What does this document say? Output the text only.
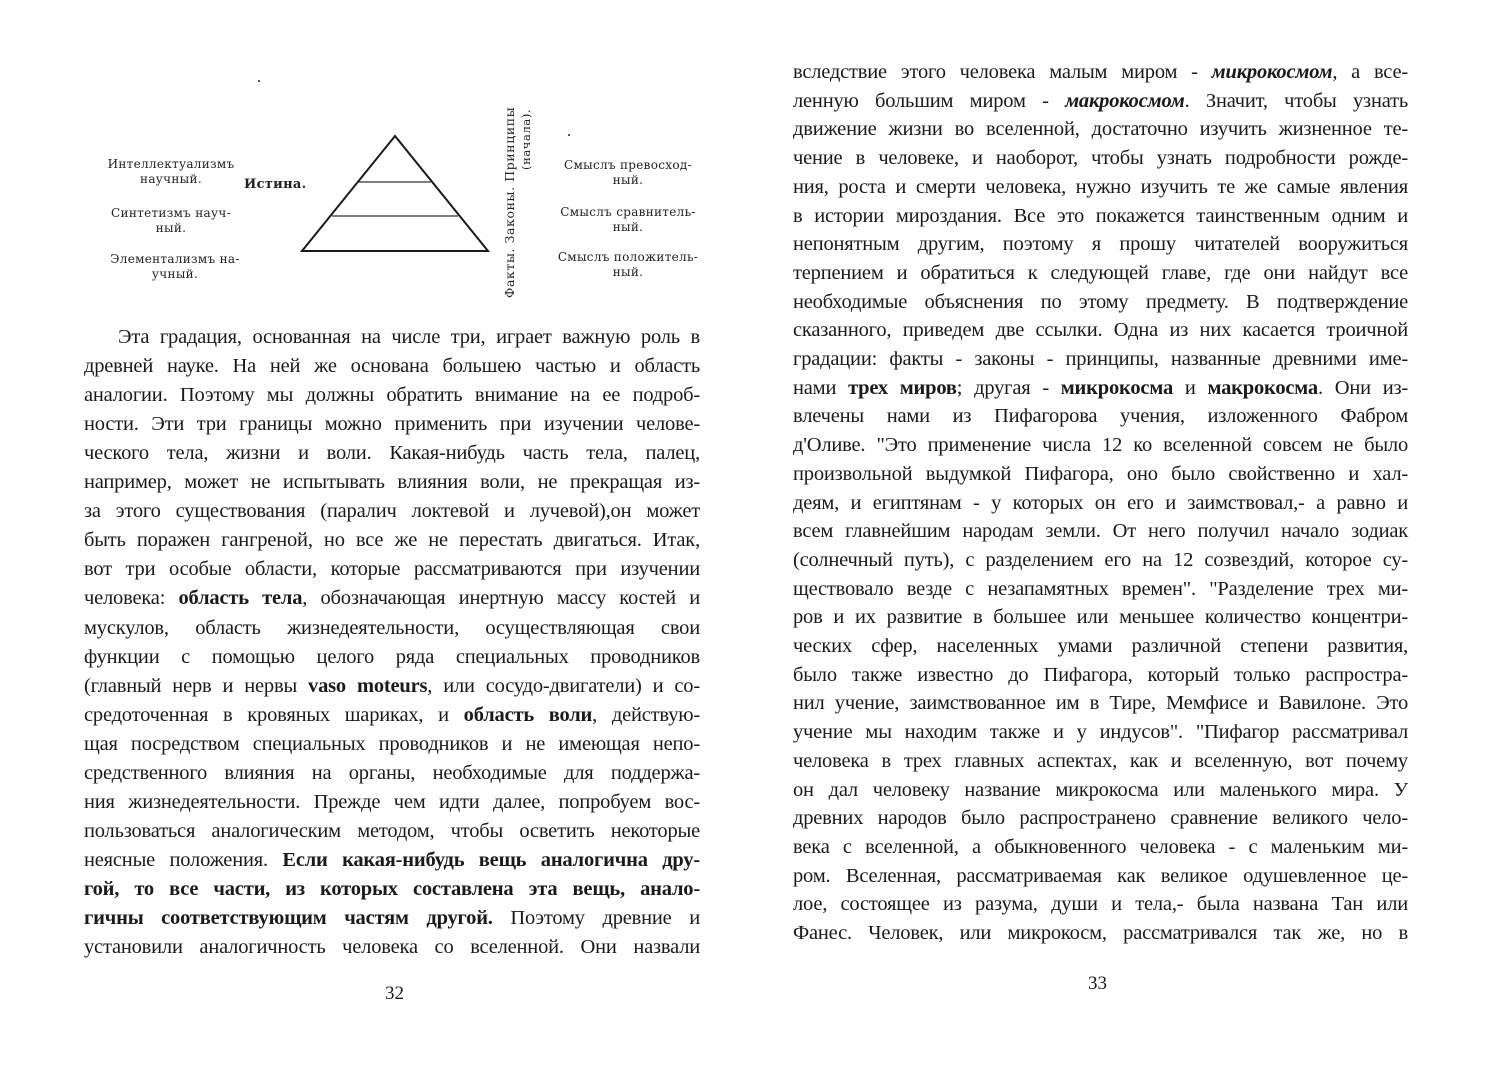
Интеллектуализмъ
научный.
Синтетизмъ науч-
ный.
Элементализмъ на-
учный.
Истина.	Факты. Законы. Принципы (начала).	Смыслъ превосход-
ный.
Смыслъ сравнитель-
ный.
Смыслъ положитель-
ный.
Эта градация, основанная на числе три, играет важную роль в
древней науке. На ней же основана большею частью и область
аналогии. Поэтому мы должны обратить внимание на ее подроб-
ности. Эти три границы можно применить при изучении челове-
ческого тела, жизни и воли. Какая-нибудь часть тела, палец,
например, может не испытывать влияния воли, не прекращая из-
за этого существования (паралич локтевой и лучевой),он может
быть поражен гангреной, но все же не перестать двигаться. Итак,
вот три особые области, которые рассматриваются при изучении
человека: область тела, обозначающая инертную массу костей и
мускулов, область жизнедеятельности, осуществляющая свои
функции с помощью целого ряда специальных проводников
(главный нерв и нервы vaso moteurs, или сосудо-двигатели) и со-
средоточенная в кровяных шариках, и область воли, действую-
щая посредством специальных проводников и не имеющая непо-
средственного влияния на органы, необходимые для поддержа-
ния жизнедеятельности. Прежде чем идти далее, попробуем вос-
пользоваться аналогическим методом, чтобы осветить некоторые
неясные положения. Если какая-нибудь вещь аналогична дру-
гой, то все части, из которых составлена эта вещь, анало-
гичны соответствующим частям другой. Поэтому древние и
установили аналогичность человека со вселенной. Они назвали
32
вследствие этого человека малым миром - микрокосмом, а все-
ленную большим миром - макрокосмом. Значит, чтобы узнать
движение жизни во вселенной, достаточно изучить жизненное те-
чение в человеке, и наоборот, чтобы узнать подробности рожде-
ния, роста и смерти человека, нужно изучить те же самые явления
в истории мироздания. Все это покажется таинственным одним и
непонятным другим, поэтому я прошу читателей вооружиться
терпением и обратиться к следующей главе, где они найдут все
необходимые объяснения по этому предмету. В подтверждение
сказанного, приведем две ссылки. Одна из них касается троичной
градации: факты - законы - принципы, названные древними име-
нами трех миров; другая - микрокосма и макрокосма. Они из-
влечены нами из Пифагорова учения, изложенного Фабром
д'Оливе. "Это применение числа 12 ко вселенной совсем не было
произвольной выдумкой Пифагора, оно было свойственно и хал-
деям, и египтянам - у которых он его и заимствовал,- а равно и
всем главнейшим народам земли. От него получил начало зодиак
(солнечный путь), с разделением его на 12 созвездий, которое су-
ществовало везде с незапамятных времен". "Разделение трех ми-
ров и их развитие в большее или меньшее количество концентри-
ческих сфер, населенных умами различной степени развития,
было также известно до Пифагора, который только распростра-
нил учение, заимствованное им в Тире, Мемфисе и Вавилоне. Это
учение мы находим также и у индусов". "Пифагор рассматривал
человека в трех главных аспектах, как и вселенную, вот почему
он дал человеку название микрокосма или маленького мира. У
древних народов было распространено сравнение великого чело-
века с вселенной, а обыкновенного человека - с маленьким ми-
ром. Вселенная, рассматриваемая как великое одушевленное це-
лое, состоящее из разума, души и тела,- была названа Тан или
Фанес. Человек, или микрокосм, рассматривался так же, но в
33
